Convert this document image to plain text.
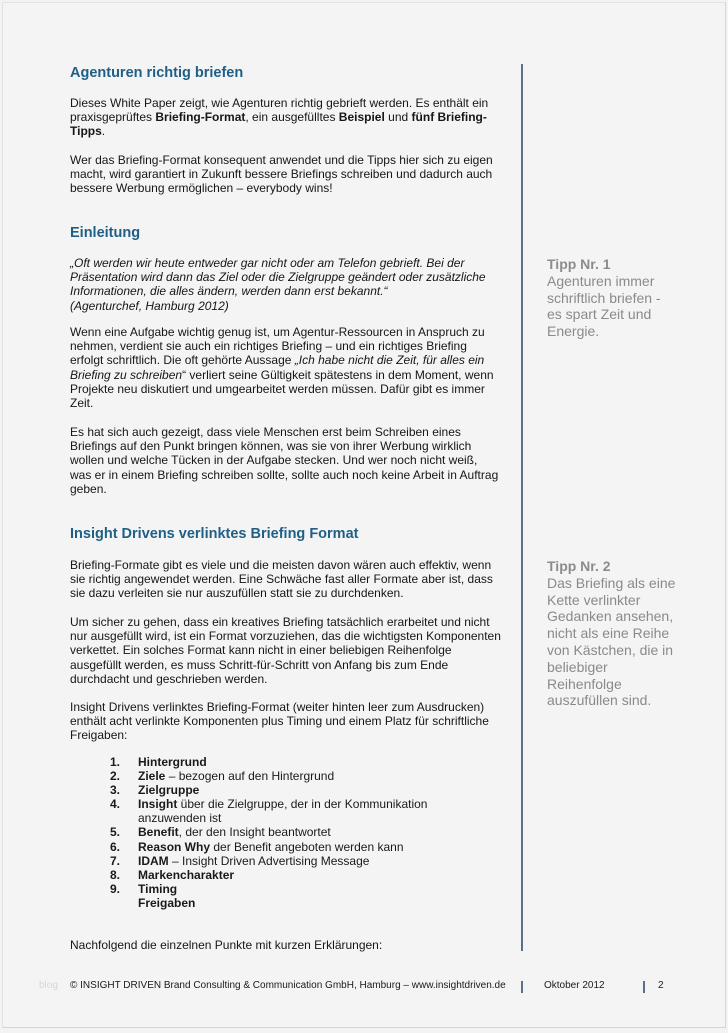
Agenturen richtig briefen

Dieses White Paper zeigt, wie Agenturen richtig gebrieft werden. Es enthält ein praxisgeprüftes Briefing-Format, ein ausgefülltes Beispiel und fünf Briefing-Tipps.

Wer das Briefing-Format konsequent anwendet und die Tipps hier sich zu eigen macht, wird garantiert in Zukunft bessere Briefings schreiben und dadurch auch bessere Werbung ermöglichen – everybody wins!

Einleitung

„Oft werden wir heute entweder gar nicht oder am Telefon gebrieft. Bei der Präsentation wird dann das Ziel oder die Zielgruppe geändert oder zusätzliche Informationen, die alles ändern, werden dann erst bekannt.“
(Agenturchef, Hamburg 2012)

Wenn eine Aufgabe wichtig genug ist, um Agentur-Ressourcen in Anspruch zu nehmen, verdient sie auch ein richtiges Briefing – und ein richtiges Briefing erfolgt schriftlich. Die oft gehörte Aussage „Ich habe nicht die Zeit, für alles ein Briefing zu schreiben“ verliert seine Gültigkeit spätestens in dem Moment, wenn Projekte neu diskutiert und umgearbeitet werden müssen. Dafür gibt es immer Zeit.

Es hat sich auch gezeigt, dass viele Menschen erst beim Schreiben eines Briefings auf den Punkt bringen können, was sie von ihrer Werbung wirklich wollen und welche Tücken in der Aufgabe stecken. Und wer noch nicht weiß, was er in einem Briefing schreiben sollte, sollte auch noch keine Arbeit in Auftrag geben.

Insight Drivens verlinktes Briefing Format

Briefing-Formate gibt es viele und die meisten davon wären auch effektiv, wenn sie richtig angewendet werden. Eine Schwäche fast aller Formate aber ist, dass sie dazu verleiten sie nur auszufüllen statt sie zu durchdenken.

Um sicher zu gehen, dass ein kreatives Briefing tatsächlich erarbeitet und nicht nur ausgefüllt wird, ist ein Format vorzuziehen, das die wichtigsten Komponenten verkettet. Ein solches Format kann nicht in einer beliebigen Reihenfolge ausgefüllt werden, es muss Schritt-für-Schritt von Anfang bis zum Ende durchdacht und geschrieben werden.

Insight Drivens verlinktes Briefing-Format (weiter hinten leer zum Ausdrucken) enthält acht verlinkte Komponenten plus Timing und einem Platz für schriftliche Freigaben:

1. Hintergrund
2. Ziele – bezogen auf den Hintergrund
3. Zielgruppe
4. Insight über die Zielgruppe, der in der Kommunikation anzuwenden ist
5. Benefit, der den Insight beantwortet
6. Reason Why der Benefit angeboten werden kann
7. IDAM – Insight Driven Advertising Message
8. Markencharakter
9. Timing
Freigaben

Nachfolgend die einzelnen Punkte mit kurzen Erklärungen:

Tipp Nr. 1
Agenturen immer schriftlich briefen - es spart Zeit und Energie.
Tipp Nr. 2
Das Briefing als eine Kette verlinkter Gedanken ansehen, nicht als eine Reihe von Kästchen, die in beliebiger Reihenfolge auszufüllen sind.
blog © INSIGHT DRIVEN Brand Consulting & Communication GmbH, Hamburg – www.insightdriven.de	Oktober 2012	2
